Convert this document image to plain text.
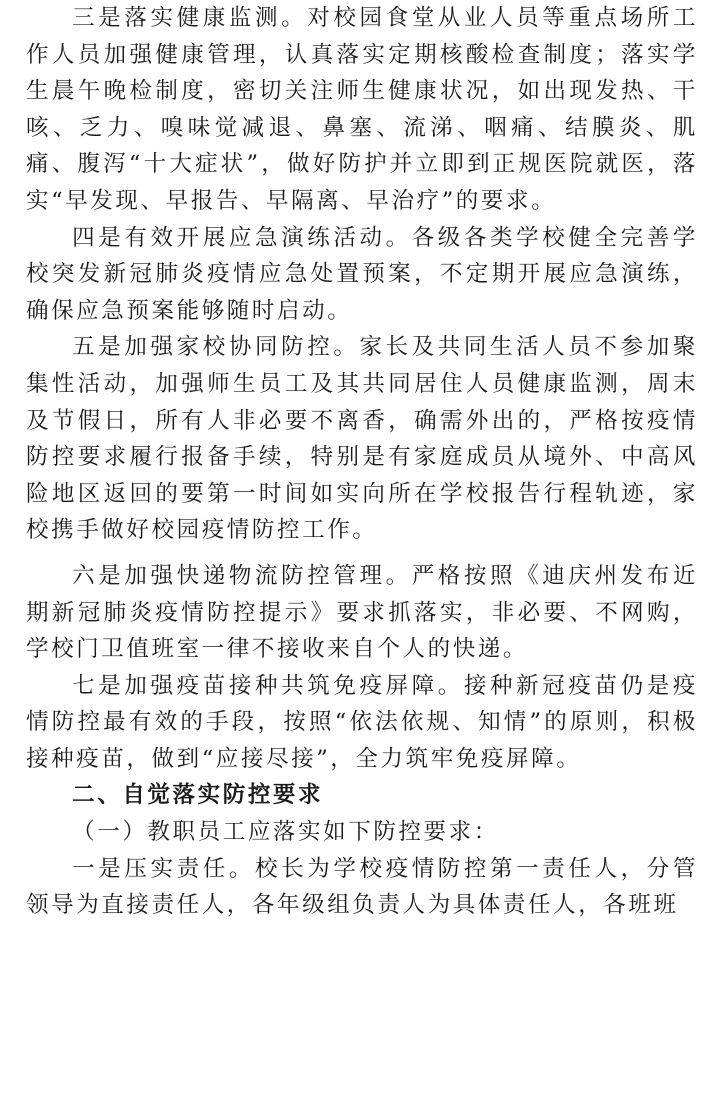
三是落实健康监测。对校园食堂从业人员等重点场所工作人员加强健康管理，认真落实定期核酸检查制度；落实学生晨午晚检制度，密切关注师生健康状况，如出现发热、干咳、乏力、嗅味觉减退、鼻塞、流涕、咽痛、结膜炎、肌痛、腹泻“十大症状”，做好防护并立即到正规医院就医，落实“早发现、早报告、早隔离、早治疗”的要求。

四是有效开展应急演练活动。各级各类学校健全完善学校突发新冠肺炎疫情应急处置预案，不定期开展应急演练，确保应急预案能够随时启动。

五是加强家校协同防控。家长及共同生活人员不参加聚集性活动，加强师生员工及其共同居住人员健康监测，周末及节假日，所有人非必要不离香，确需外出的，严格按疫情防控要求履行报备手续，特别是有家庭成员从境外、中高风险地区返回的要第一时间如实向所在学校报告行程轨迹，家校携手做好校园疫情防控工作。

六是加强快递物流防控管理。严格按照《迪庆州发布近期新冠肺炎疫情防控提示》要求抓落实，非必要、不网购，学校门卫值班室一律不接收来自个人的快递。

七是加强疫苗接种共筑免疫屏障。接种新冠疫苗仍是疫情防控最有效的手段，按照“依法依规、知情”的原则，积极接种疫苗，做到“应接尽接”，全力筑牢免疫屏障。

二、自觉落实防控要求

（一）教职员工应落实如下防控要求：

一是压实责任。校长为学校疫情防控第一责任人，分管领导为直接责任人，各年级组负责人为具体责任人，各班班
